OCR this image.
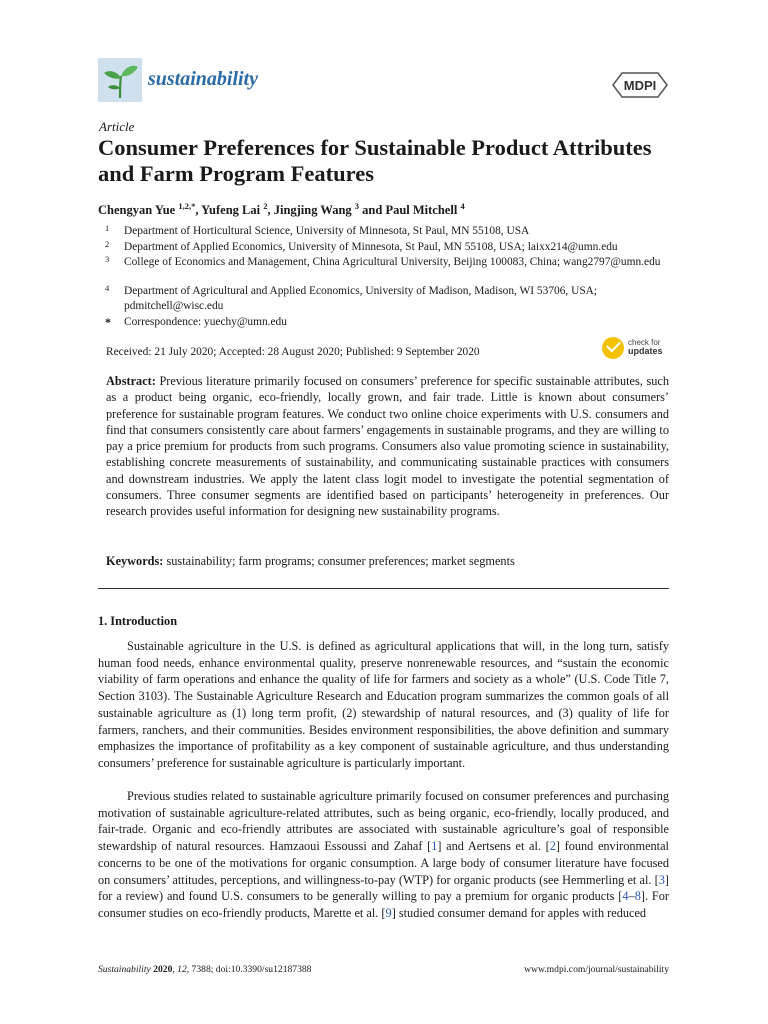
sustainability	MDPI
Article
Consumer Preferences for Sustainable Product Attributes and Farm Program Features
Chengyan Yue $^{1,2,*}$, Yufeng Lai $^2$, Jingjing Wang $^3$ and Paul Mitchell $^4$
1 Department of Horticultural Science, University of Minnesota, St Paul, MN 55108, USA
2 Department of Applied Economics, University of Minnesota, St Paul, MN 55108, USA; laixx214@umn.edu
3 College of Economics and Management, China Agricultural University, Beijing 100083, China; wang2797@umn.edu
4 Department of Agricultural and Applied Economics, University of Madison, Madison, WI 53706, USA; pdmitchell@wisc.edu
* Correspondence: yuechy@umn.edu
Received: 21 July 2020; Accepted: 28 August 2020; Published: 9 September 2020
check for
updates
Abstract: Previous literature primarily focused on consumers’ preference for specific sustainable attributes, such as a product being organic, eco-friendly, locally grown, and fair trade. Little is known about consumers’ preference for sustainable program features. We conduct two online choice experiments with U.S. consumers and find that consumers consistently care about farmers’ engagements in sustainable programs, and they are willing to pay a price premium for products from such programs. Consumers also value promoting science in sustainability, establishing concrete measurements of sustainability, and communicating sustainable practices with consumers and downstream industries. We apply the latent class logit model to investigate the potential segmentation of consumers. Three consumer segments are identified based on participants’ heterogeneity in preferences. Our research provides useful information for designing new sustainability programs.
Keywords: sustainability; farm programs; consumer preferences; market segments
1. Introduction
Sustainable agriculture in the U.S. is defined as agricultural applications that will, in the long turn, satisfy human food needs, enhance environmental quality, preserve nonrenewable resources, and “sustain the economic viability of farm operations and enhance the quality of life for farmers and society as a whole” (U.S. Code Title 7, Section 3103). The Sustainable Agriculture Research and Education program summarizes the common goals of all sustainable agriculture as (1) long term profit, (2) stewardship of natural resources, and (3) quality of life for farmers, ranchers, and their communities. Besides environment responsibilities, the above definition and summary emphasizes the importance of profitability as a key component of sustainable agriculture, and thus understanding consumers’ preference for sustainable agriculture is particularly important.
Previous studies related to sustainable agriculture primarily focused on consumer preferences and purchasing motivation of sustainable agriculture-related attributes, such as being organic, eco-friendly, locally produced, and fair-trade. Organic and eco-friendly attributes are associated with sustainable agriculture’s goal of responsible stewardship of natural resources. Hamzaoui Essoussi and Zahaf [1] and Aertsens et al. [2] found environmental concerns to be one of the motivations for organic consumption. A large body of consumer literature have focused on consumers’ attitudes, perceptions, and willingness-to-pay (WTP) for organic products (see Hemmerling et al. [3] for a review) and found U.S. consumers to be generally willing to pay a premium for organic products [4–8]. For consumer studies on eco-friendly products, Marette et al. [9] studied consumer demand for apples with reduced
Sustainability 2020, 12, 7388; doi:10.3390/su12187388	www.mdpi.com/journal/sustainability
